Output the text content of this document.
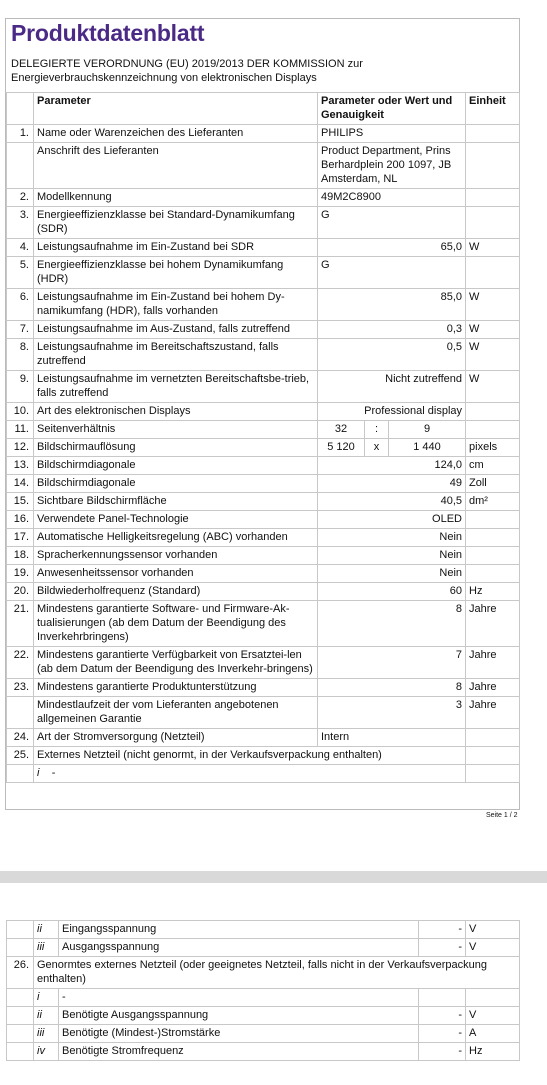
Produktdatenblatt
DELEGIERTE VERORDNUNG (EU) 2019/2013 DER KOMMISSION zur Energieverbrauchskennzeichnung von elektronischen Displays
	Parameter	Parameter oder Wert und Genauigkeit			Einheit
1.	Name oder Warenzeichen des Lieferanten	PHILIPS			
	Anschrift des Lieferanten	Product Department, Prins Berhardplein 200 1097, JB Amsterdam, NL			
2.	Modellkennung	49M2C8900			
3.	Energieeffizienzklasse bei Standard-Dynamikumfang (SDR)	G			
4.	Leistungsaufnahme im Ein-Zustand bei SDR	65,0			W
5.	Energieeffizienzklasse bei hohem Dynamikumfang (HDR)	G			
6.	Leistungsaufnahme im Ein-Zustand bei hohem Dy-namikumfang (HDR), falls vorhanden	85,0			W
7.	Leistungsaufnahme im Aus-Zustand, falls zutreffend	0,3			W
8.	Leistungsaufnahme im Bereitschaftszustand, falls zutreffend	0,5			W
9.	Leistungsaufnahme im vernetzten Bereitschaftsbe-trieb, falls zutreffend	Nicht zutreffend			W
10.	Art des elektronischen Displays	Professional display			
11.	Seitenverhältnis	32	:	9	
12.	Bildschirmauflösung	5 120	x	1 440	pixels
13.	Bildschirmdiagonale	124,0			cm
14.	Bildschirmdiagonale	49			Zoll
15.	Sichtbare Bildschirmfläche	40,5			dm²
16.	Verwendete Panel-Technologie	OLED			
17.	Automatische Helligkeitsregelung (ABC) vorhanden	Nein			
18.	Spracherkennungssensor vorhanden	Nein			
19.	Anwesenheitssensor vorhanden	Nein			
20.	Bildwiederholfrequenz (Standard)	60			Hz
21.	Mindestens garantierte Software- und Firmware-Ak-tualisierungen (ab dem Datum der Beendigung des Inverkehrbringens)	8			Jahre
22.	Mindestens garantierte Verfügbarkeit von Ersatztei-len (ab dem Datum der Beendigung des Inverkehr-bringens)	7			Jahre
23.	Mindestens garantierte Produktunterstützung	8			Jahre
	Mindestlaufzeit der vom Lieferanten angebotenen allgemeinen Garantie	3			Jahre
24.	Art der Stromversorgung (Netzteil)	Intern			
25.	Externes Netzteil (nicht genormt, in der Verkaufsverpackung enthalten)				
	i -				
Seite 1 / 2
	ii	Eingangsspannung	-	V
	iii	Ausgangsspannung	-	V
26.	Genormtes externes Netzteil (oder geeignetes Netzteil, falls nicht in der Verkaufsverpackung enthalten)			
	i	-		
	ii	Benötigte Ausgangsspannung	-	V
	iii	Benötigte (Mindest-)Stromstärke	-	A
	iv	Benötigte Stromfrequenz	-	Hz
